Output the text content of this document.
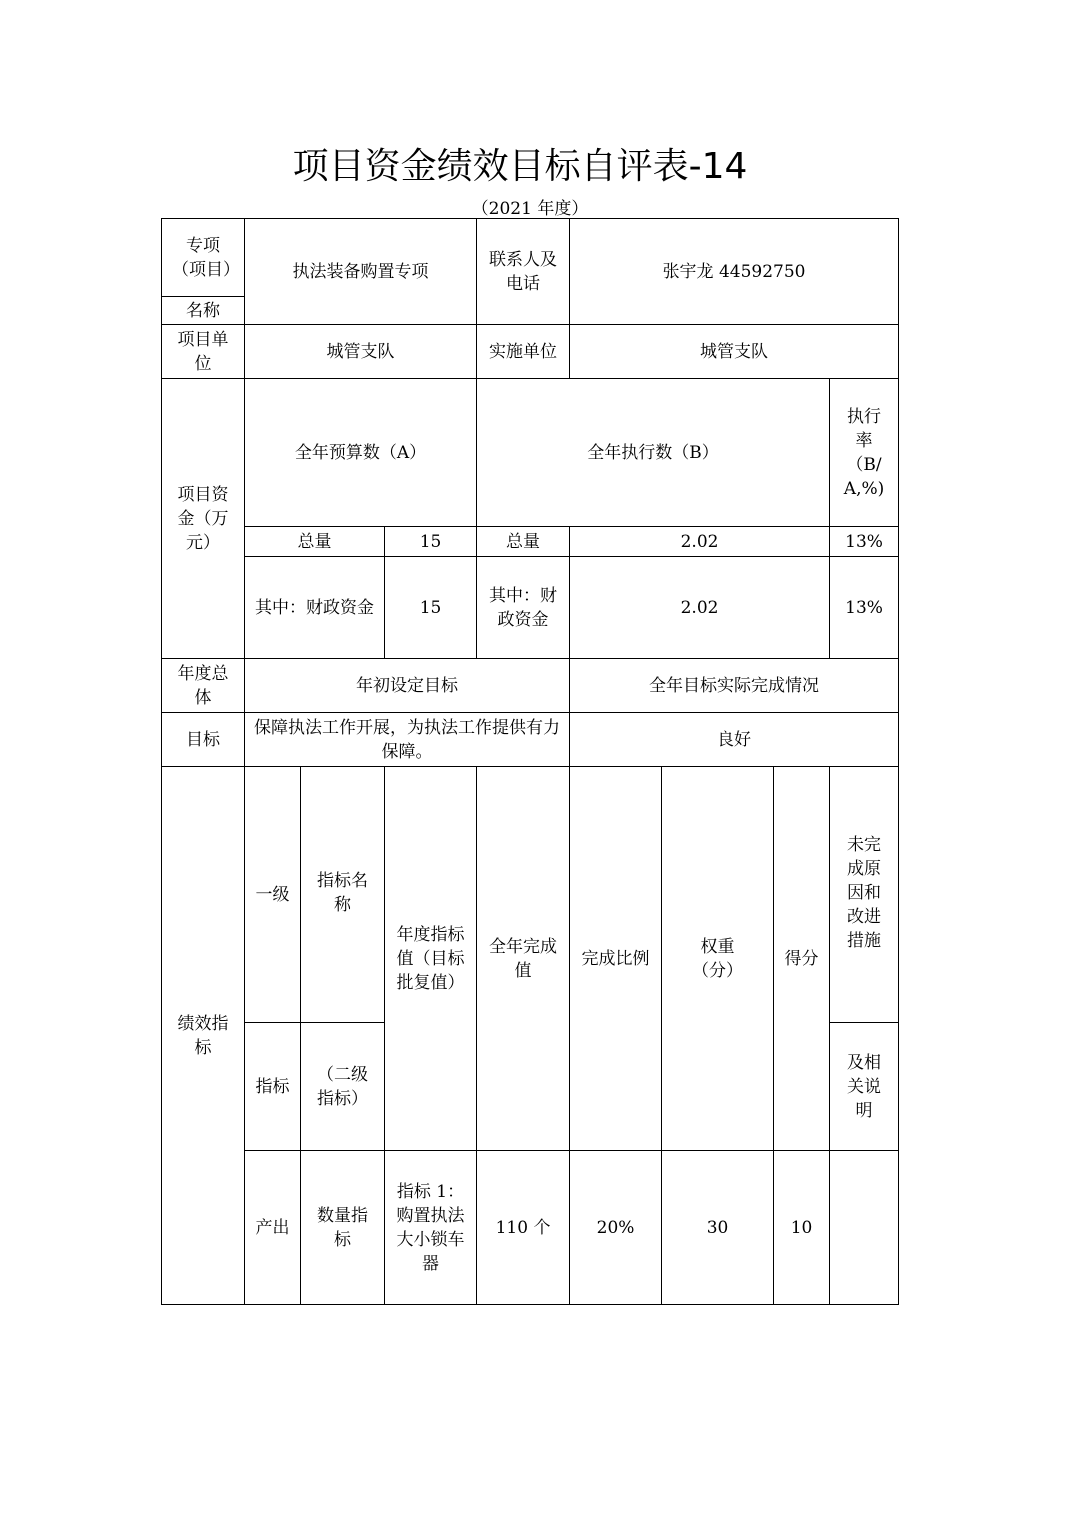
项目资金绩效目标自评表-14
（2021 年度）
专项（项目）	执法装备购置专项			联系人及电话	张宇龙 44592750			
名称								
项目单位	城管支队			实施单位	城管支队			
项目资金（万元）	全年预算数（A）			全年执行数（B）				执行率（B/A,%)
	总量		15	总量	2.02			13%
	其中：财政资金		15	其中：财政资金	2.02			13%
年度总体	年初设定目标				全年目标实际完成情况			
目标	保障执法工作开展，为执法工作提供有力保障。				良好			
绩效指标	一级	指标名称	年度指标值（目标批复值）	全年完成值	完成比例	权重（分）	得分	未完成原因和改进措施
	指标	（二级指标）						及相关说明
	产出	数量指标	指标 1：购置执法大小锁车器	110 个	20%	30	10	
